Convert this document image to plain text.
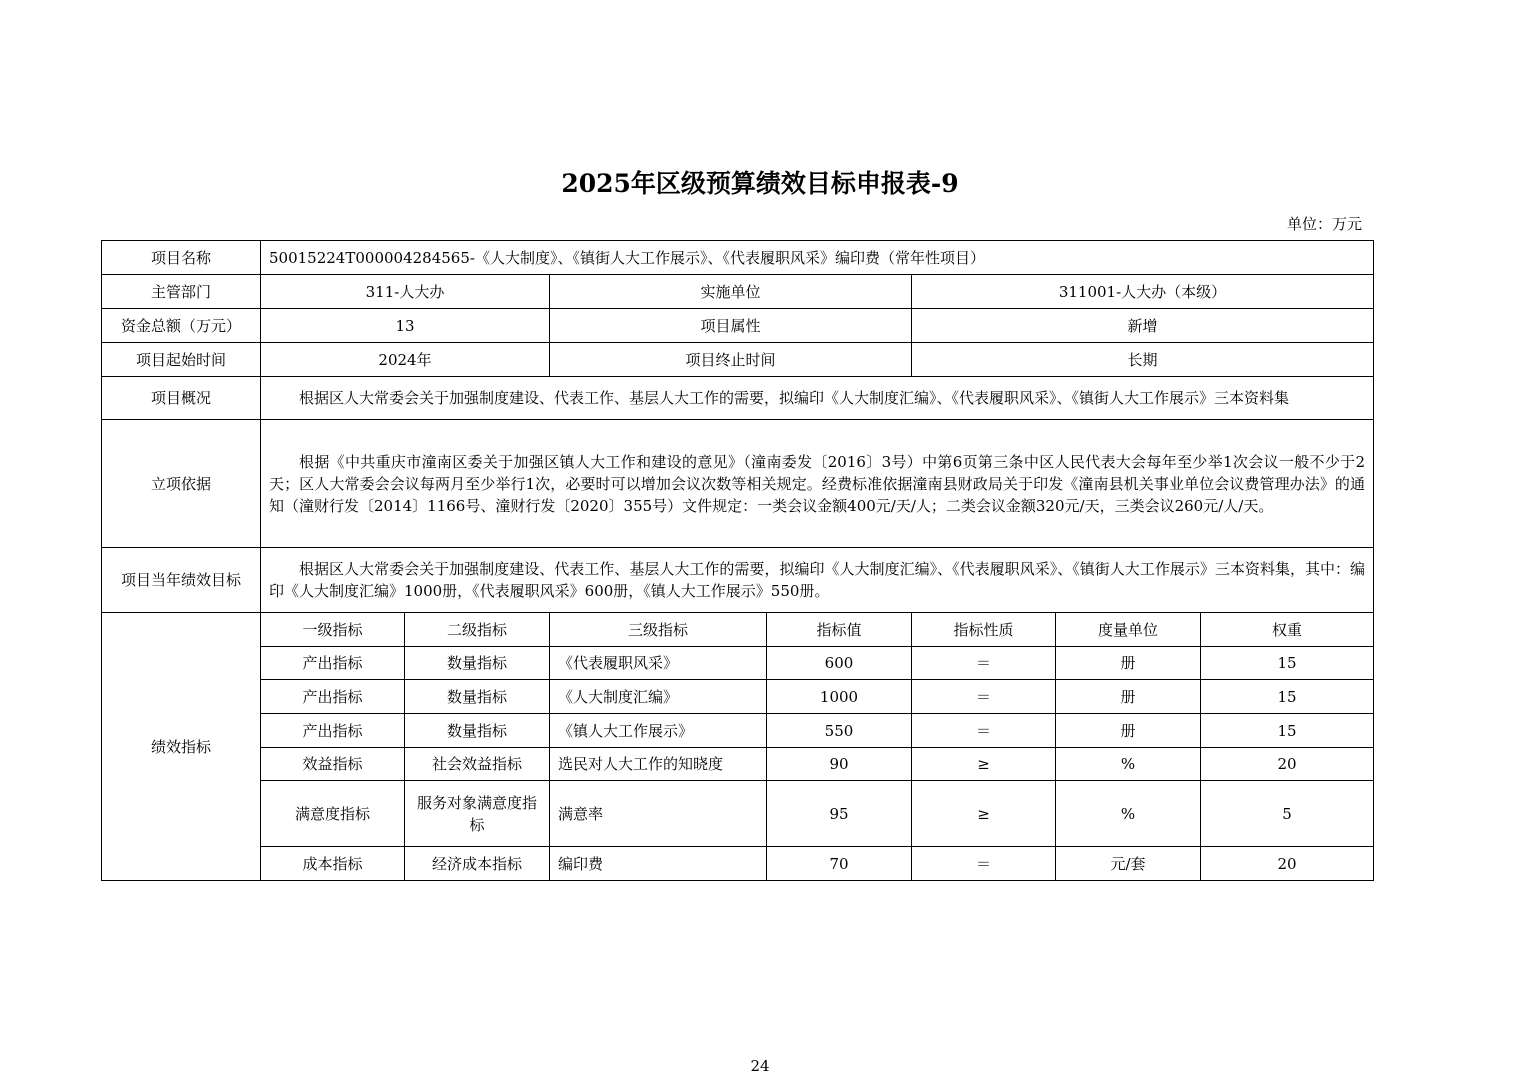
2025年区级预算绩效目标申报表-9
单位：万元
项目名称	50015224T000004284565-《人大制度》、《镇街人大工作展示》、《代表履职风采》编印费（常年性项目）						
主管部门	311-人大办		实施单位		311001-人大办（本级）		
资金总额（万元）	13		项目属性		新增		
项目起始时间	2024年		项目终止时间		长期		
项目概况	根据区人大常委会关于加强制度建设、代表工作、基层人大工作的需要，拟编印《人大制度汇编》、《代表履职风采》、《镇街人大工作展示》三本资料集						
立项依据	根据《中共重庆市潼南区委关于加强区镇人大工作和建设的意见》（潼南委发〔2016〕3号）中第6页第三条中区人民代表大会每年至少举1次会议一般不少于2天；区人大常委会会议每两月至少举行1次，必要时可以增加会议次数等相关规定。经费标准依据潼南县财政局关于印发《潼南县机关事业单位会议费管理办法》的通知（潼财行发〔2014〕1166号、潼财行发〔2020〕355号）文件规定：一类会议金额400元/天/人；二类会议金额320元/天，三类会议260元/人/天。						
项目当年绩效目标	根据区人大常委会关于加强制度建设、代表工作、基层人大工作的需要，拟编印《人大制度汇编》、《代表履职风采》、《镇街人大工作展示》三本资料集，其中：编印《人大制度汇编》1000册，《代表履职风采》600册，《镇人大工作展示》550册。						
绩效指标	一级指标	二级指标	三级指标	指标值	指标性质	度量单位	权重
	产出指标	数量指标	《代表履职风采》	600	＝	册	15
	产出指标	数量指标	《人大制度汇编》	1000	＝	册	15
	产出指标	数量指标	《镇人大工作展示》	550	＝	册	15
	效益指标	社会效益指标	选民对人大工作的知晓度	90	≥	%	20
	满意度指标	服务对象满意度指标	满意率	95	≥	%	5
	成本指标	经济成本指标	编印费	70	＝	元/套	20
24
